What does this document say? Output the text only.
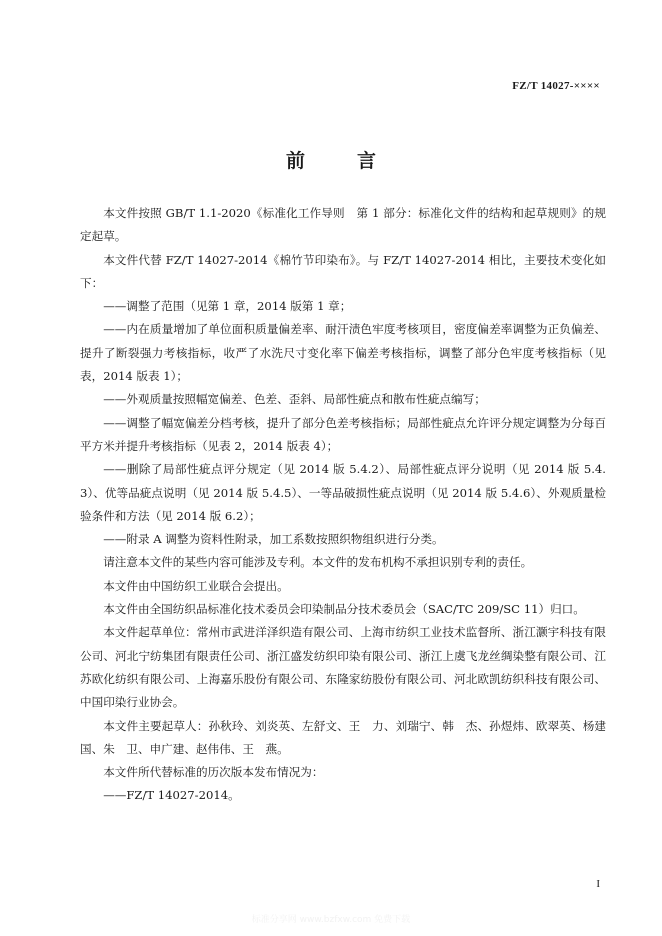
FZ/T 14027-××××
前	言

本文件按照 GB/T 1.1-2020《标准化工作导则　第 1 部分：标准化文件的结构和起草规则》的规定起草。

本文件代替 FZ/T 14027-2014《棉竹节印染布》。与 FZ/T 14027-2014 相比，主要技术变化如下：

——调整了范围（见第 1 章，2014 版第 1 章；

——内在质量增加了单位面积质量偏差率、耐汗渍色牢度考核项目，密度偏差率调整为正负偏差、提升了断裂强力考核指标，收严了水洗尺寸变化率下偏差考核指标，调整了部分色牢度考核指标（见表，2014 版表 1）；

——外观质量按照幅宽偏差、色差、歪斜、局部性疵点和散布性疵点编写；

——调整了幅宽偏差分档考核，提升了部分色差考核指标；局部性疵点允许评分规定调整为分每百平方米并提升考核指标（见表 2，2014 版表 4）；

——删除了局部性疵点评分规定（见 2014 版 5.4.2）、局部性疵点评分说明（见 2014 版 5.4.3）、优等品疵点说明（见 2014 版 5.4.5）、一等品破损性疵点说明（见 2014 版 5.4.6）、外观质量检验条件和方法（见 2014 版 6.2）；

——附录 A 调整为资料性附录，加工系数按照织物组织进行分类。

请注意本文件的某些内容可能涉及专利。本文件的发布机构不承担识别专利的责任。

本文件由中国纺织工业联合会提出。

本文件由全国纺织品标准化技术委员会印染制品分技术委员会（SAC/TC 209/SC 11）归口。

本文件起草单位：常州市武进洋泽织造有限公司、上海市纺织工业技术监督所、浙江灏宇科技有限公司、河北宁纺集团有限责任公司、浙江盛发纺织印染有限公司、浙江上虞飞龙丝绸染整有限公司、江苏欧化纺织有限公司、上海嘉乐股份有限公司、东隆家纺股份有限公司、河北欧凯纺织科技有限公司、中国印染行业协会。

本文件主要起草人：孙秋玲、刘炎英、左舒文、王　力、刘瑞宁、韩　杰、孙煜炜、欧翠英、杨建国、朱　卫、申广建、赵伟伟、王　燕。

本文件所代替标准的历次版本发布情况为：

——FZ/T 14027-2014。

I
标准分享网 www.bzfxw.com 免费下载
